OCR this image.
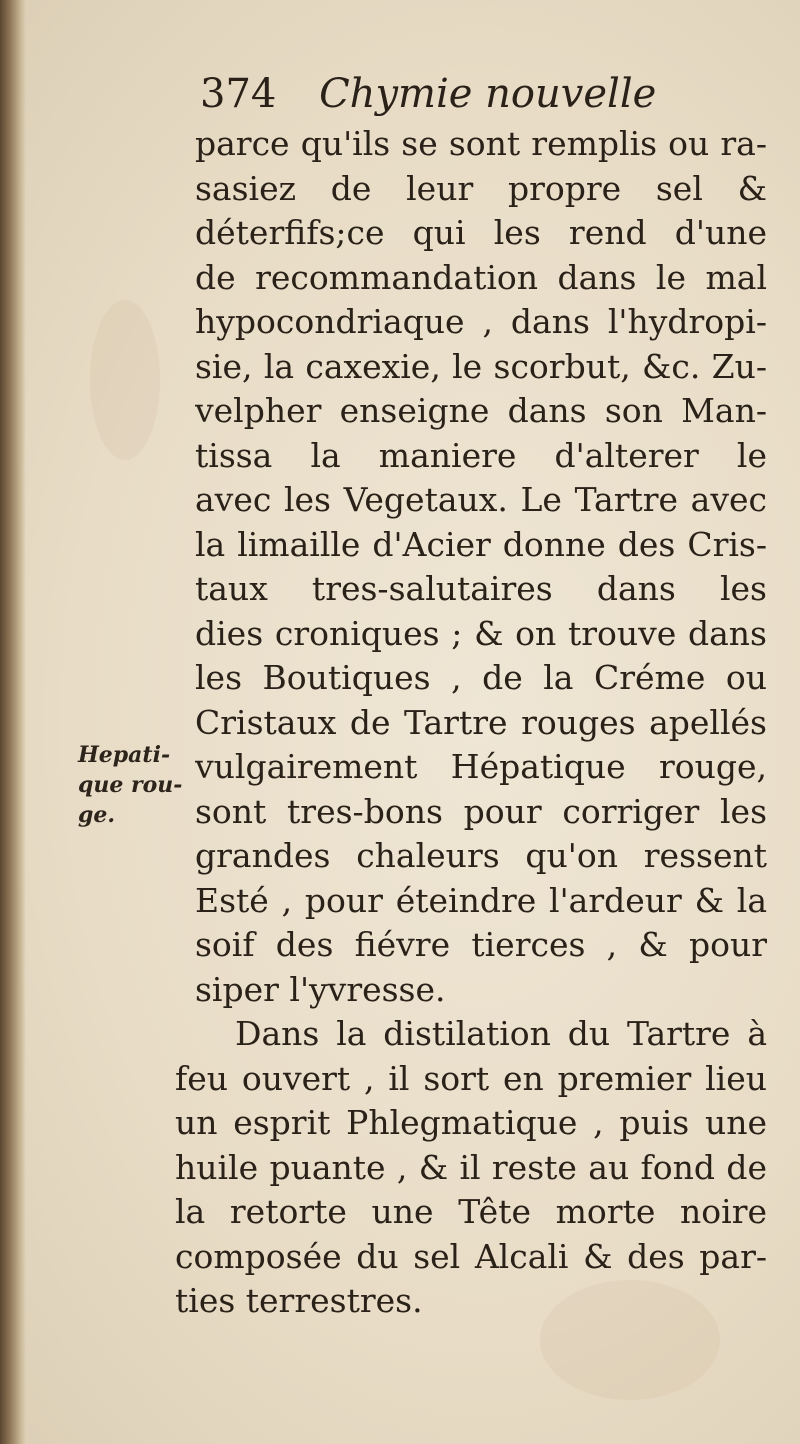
374 Chymie nouvelle
Hepati-
que rou-
ge.
parce qu'ils se sont remplis ou ra-
sasiez de leur propre sel &
déterfifs;ce qui les rend d'une
de recommandation dans le mal
hypocondriaque , dans l'hydropi-
sie, la caxexie, le scorbut, &c. Zu-
velpher enseigne dans son Man-
tissa la maniere d'alterer le
avec les Vegetaux. Le Tartre avec
la limaille d'Acier donne des Cris-
taux tres-salutaires dans les
dies croniques ; & on trouve dans
les Boutiques , de la Créme ou
Cristaux de Tartre rouges apellés
vulgairement Hépatique rouge,
sont tres-bons pour corriger les
grandes chaleurs qu'on ressent
Esté , pour éteindre l'ardeur & la
soif des fiévre tierces , & pour
siper l'yvresse.
Dans la distilation du Tartre à
feu ouvert , il sort en premier lieu
un esprit Phlegmatique , puis une
huile puante , & il reste au fond de
la retorte une Tête morte noire
composée du sel Alcali & des par-
ties terrestres.
